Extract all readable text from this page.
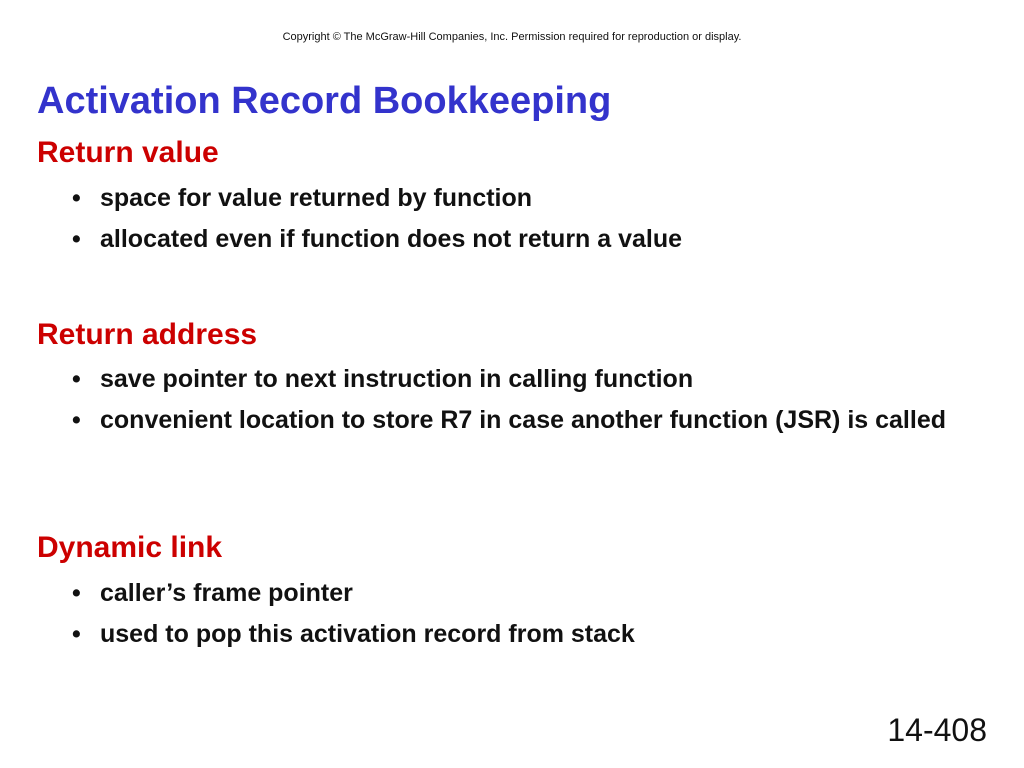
Copyright © The McGraw-Hill Companies, Inc. Permission required for reproduction or display.
Activation Record Bookkeeping
Return value
• space for value returned by function
• allocated even if function does not return a value
Return address
• save pointer to next instruction in calling function
• convenient location to store R7 in case another function (JSR) is called
Dynamic link
• caller’s frame pointer
• used to pop this activation record from stack
14-408
